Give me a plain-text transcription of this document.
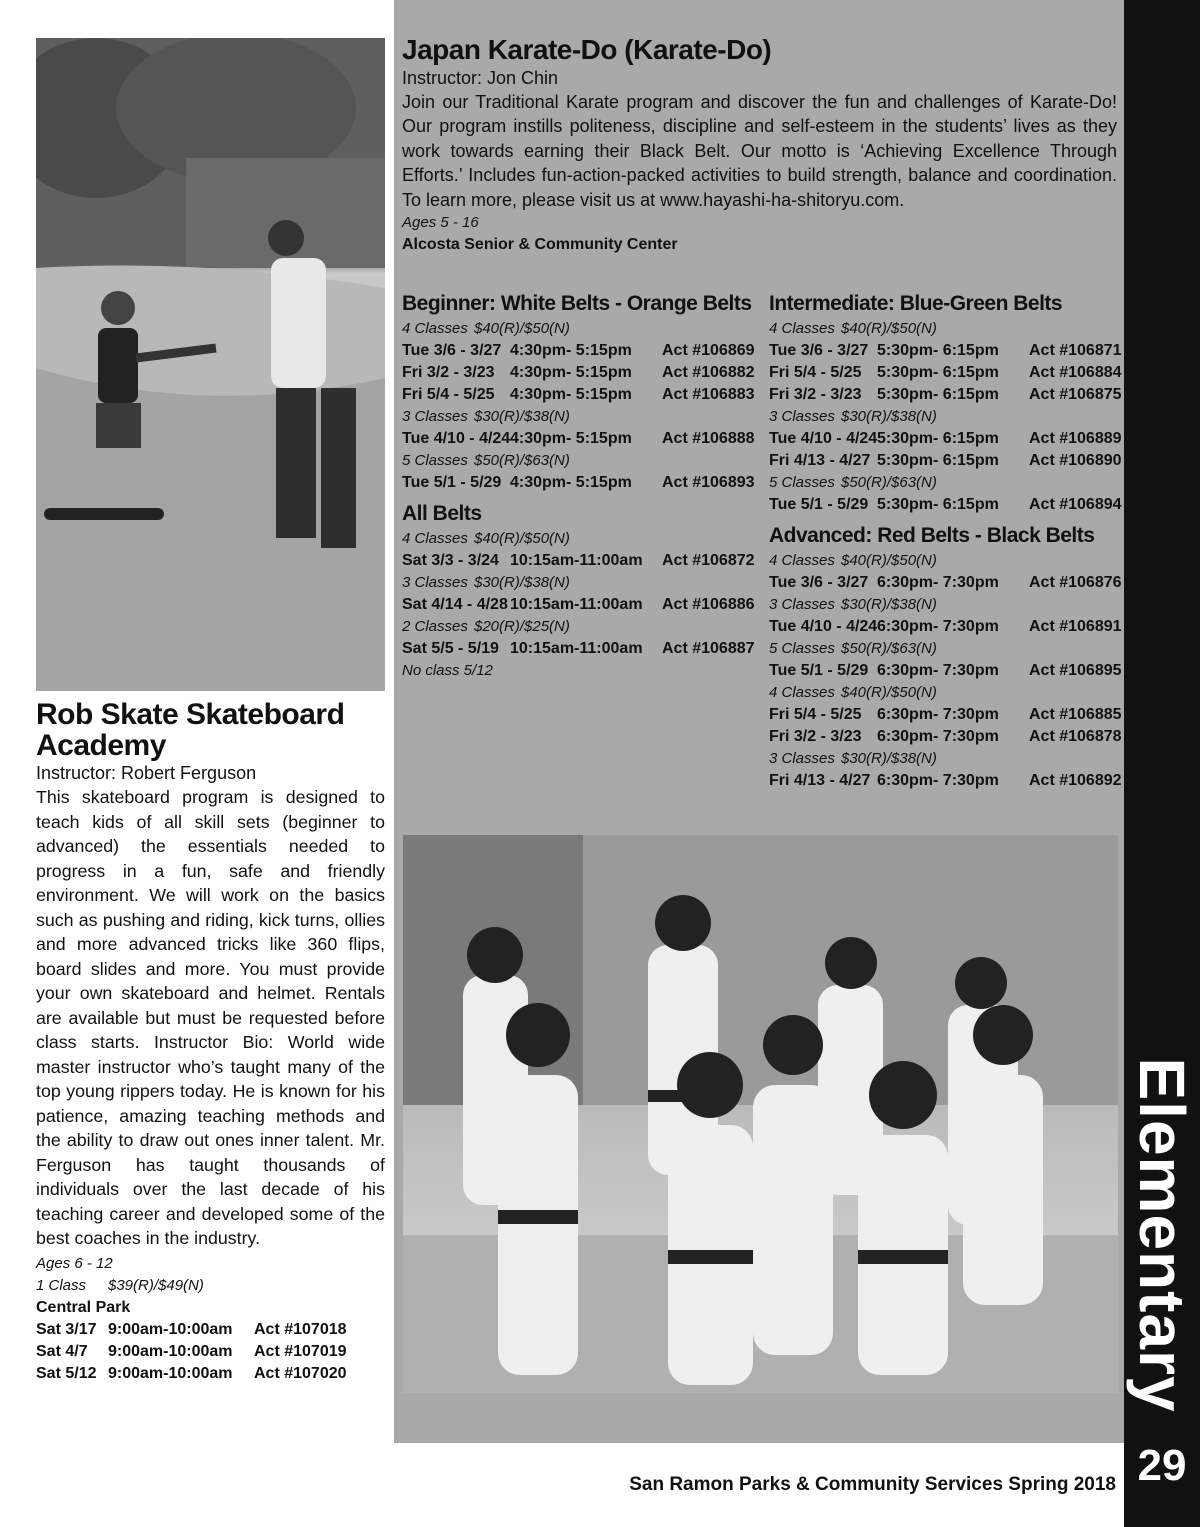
Rob Skate Skateboard
Academy
Instructor: Robert Ferguson
This skateboard program is designed to teach kids of all skill sets (beginner to advanced) the essentials needed to progress in a fun, safe and friendly environment. We will work on the basics such as pushing and riding, kick turns, ollies and more advanced tricks like 360 flips, board slides and more. You must provide your own skateboard and helmet. Rentals are available but must be requested before class starts. Instructor Bio: World wide master instructor who’s taught many of the top young rippers today. He is known for his patience, amazing teaching methods and the ability to draw out ones inner talent. Mr. Ferguson has taught thousands of individuals over the last decade of his teaching career and developed some of the best coaches in the industry.
Ages 6 - 12
1 Class $39(R)/$49(N)
Central Park
Sat 3/17 9:00am-10:00am	Act #107018
Sat 4/7	9:00am-10:00am	Act #107019
Sat 5/12 9:00am-10:00am	Act #107020
Japan Karate-Do (Karate-Do)
Instructor: Jon Chin
Join our Traditional Karate program and discover the fun and challenges of Karate-Do! Our program instills politeness, discipline and self-esteem in the students’ lives as they work towards earning their Black Belt. Our motto is ‘Achieving Excellence Through Efforts.’ Includes fun-action-packed activities to build strength, balance and coordination. To learn more, please visit us at www.hayashi-ha-shitoryu.com.
Ages 5 - 16
Alcosta Senior & Community Center
Beginner: White Belts - Orange Belts
4 Classes $40(R)/$50(N)
Tue 3/6 - 3/27 4:30pm- 5:15pm	Act #106869
Fri 3/2 - 3/23 4:30pm- 5:15pm	Act #106882
Fri 5/4 - 5/25 4:30pm- 5:15pm	Act #106883
3 Classes $30(R)/$38(N)
Tue 4/10 - 4/24 4:30pm- 5:15pm	Act #106888
5 Classes $50(R)/$63(N)
Tue 5/1 - 5/29 4:30pm- 5:15pm	Act #106893
All Belts
4 Classes $40(R)/$50(N)
Sat 3/3 - 3/24 10:15am-11:00am	Act #106872
3 Classes $30(R)/$38(N)
Sat 4/14 - 4/28 10:15am-11:00am	Act #106886
2 Classes $20(R)/$25(N)
Sat 5/5 - 5/19 10:15am-11:00am	Act #106887
No class 5/12
Intermediate: Blue-Green Belts
4 Classes $40(R)/$50(N)
Tue 3/6 - 3/27 5:30pm- 6:15pm	Act #106871
Fri 5/4 - 5/25 5:30pm- 6:15pm	Act #106884
Fri 3/2 - 3/23 5:30pm- 6:15pm	Act #106875
3 Classes $30(R)/$38(N)
Tue 4/10 - 4/24 5:30pm- 6:15pm	Act #106889
Fri 4/13 - 4/27 5:30pm- 6:15pm	Act #106890
5 Classes $50(R)/$63(N)
Tue 5/1 - 5/29 5:30pm- 6:15pm	Act #106894
Advanced: Red Belts - Black Belts
4 Classes $40(R)/$50(N)
Tue 3/6 - 3/27 6:30pm- 7:30pm	Act #106876
3 Classes $30(R)/$38(N)
Tue 4/10 - 4/24 6:30pm- 7:30pm	Act #106891
5 Classes $50(R)/$63(N)
Tue 5/1 - 5/29 6:30pm- 7:30pm	Act #106895
4 Classes $40(R)/$50(N)
Fri 5/4 - 5/25 6:30pm- 7:30pm	Act #106885
Fri 3/2 - 3/23 6:30pm- 7:30pm	Act #106878
3 Classes $30(R)/$38(N)
Fri 4/13 - 4/27 6:30pm- 7:30pm	Act #106892
Elementary
29
San Ramon Parks & Community Services Spring 2018
